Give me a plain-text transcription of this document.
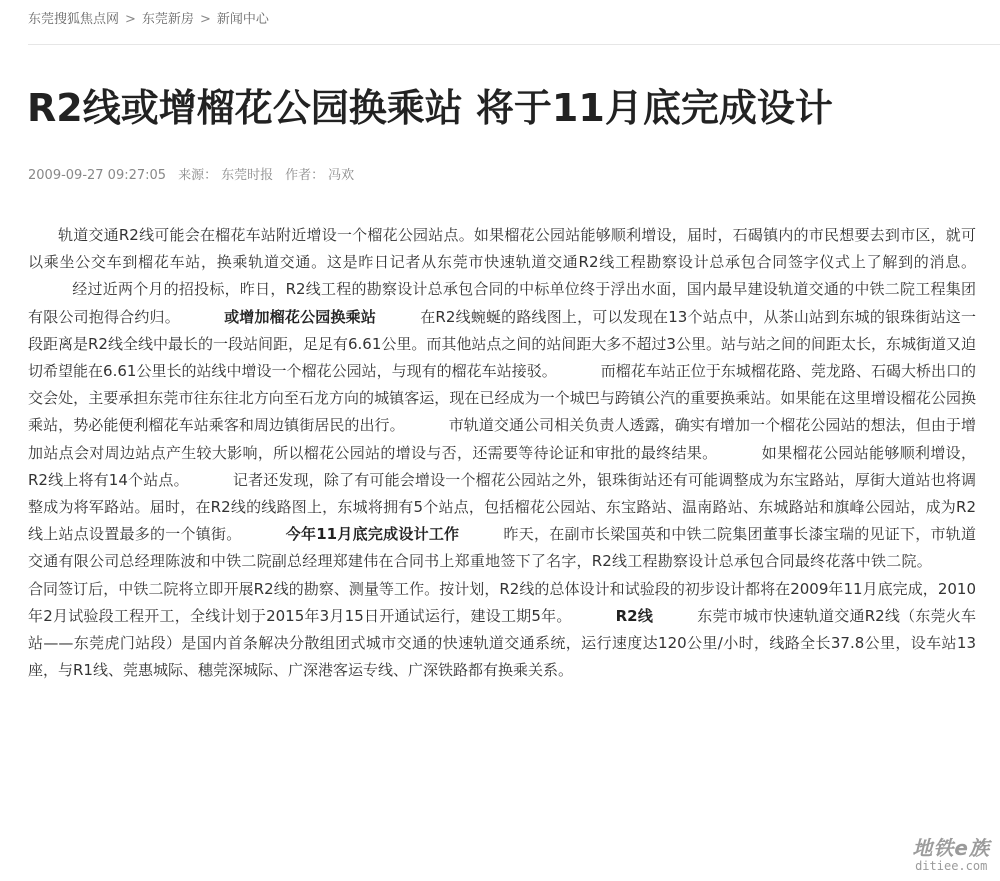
东莞搜狐焦点网 > 东莞新房 > 新闻中心
R2线或增榴花公园换乘站 将于11月底完成设计
2009-09-27 09:27:05 来源： 东莞时报 作者： 冯欢

轨道交通R2线可能会在榴花车站附近增设一个榴花公园站点。如果榴花公园站能够顺利增设，届时，石碣镇内的市民想要去到市区，就可以乘坐公交车到榴花车站，换乘轨道交通。这是昨日记者从东莞市快速轨道交通R2线工程勘察设计总承包合同签字仪式上了解到的消息。经过近两个月的招投标，昨日，R2线工程的勘察设计总承包合同的中标单位终于浮出水面，国内最早建设轨道交通的中铁二院工程集团有限公司抱得合约归。	或增加榴花公园换乘站	在R2线蜿蜒的路线图上，可以发现在13个站点中，从茶山站到东城的银珠街站这一段距离是R2线全线中最长的一段站间距，足足有6.61公里。而其他站点之间的站间距大多不超过3公里。站与站之间的间距太长，东城街道又迫切希望能在6.61公里长的站线中增设一个榴花公园站，与现有的榴花车站接驳。	而榴花车站正位于东城榴花路、莞龙路、石碣大桥出口的交会处，主要承担东莞市往东往北方向至石龙方向的城镇客运，现在已经成为一个城巴与跨镇公汽的重要换乘站。如果能在这里增设榴花公园换乘站，势必能便利榴花车站乘客和周边镇街居民的出行。	市轨道交通公司相关负责人透露，确实有增加一个榴花公园站的想法，但由于增加站点会对周边站点产生较大影响，所以榴花公园站的增设与否，还需要等待论证和审批的最终结果。	如果榴花公园站能够顺利增设，R2线上将有14个站点。	记者还发现，除了有可能会增设一个榴花公园站之外，银珠街站还有可能调整成为东宝路站，厚街大道站也将调整成为将军路站。届时，在R2线的线路图上，东城将拥有5个站点，包括榴花公园站、东宝路站、温南路站、东城路站和旗峰公园站，成为R2线上站点设置最多的一个镇街。	今年11月底完成设计工作	昨天，在副市长梁国英和中铁二院集团董事长漆宝瑞的见证下，市轨道交通有限公司总经理陈波和中铁二院副总经理郑建伟在合同书上郑重地签下了名字，R2线工程勘察设计总承包合同最终花落中铁二院。合同签订后，中铁二院将立即开展R2线的勘察、测量等工作。按计划，R2线的总体设计和试验段的初步设计都将在2009年11月底完成，2010年2月试验段工程开工，全线计划于2015年3月15日开通试运行，建设工期5年。	R2线	东莞市城市快速轨道交通R2线（东莞火车站——东莞虎门站段）是国内首条解决分散组团式城市交通的快速轨道交通系统，运行速度达120公里/小时，线路全长37.8公里，设车站13座，与R1线、莞惠城际、穗莞深城际、广深港客运专线、广深铁路都有换乘关系。

地铁e族
ditiee.com
